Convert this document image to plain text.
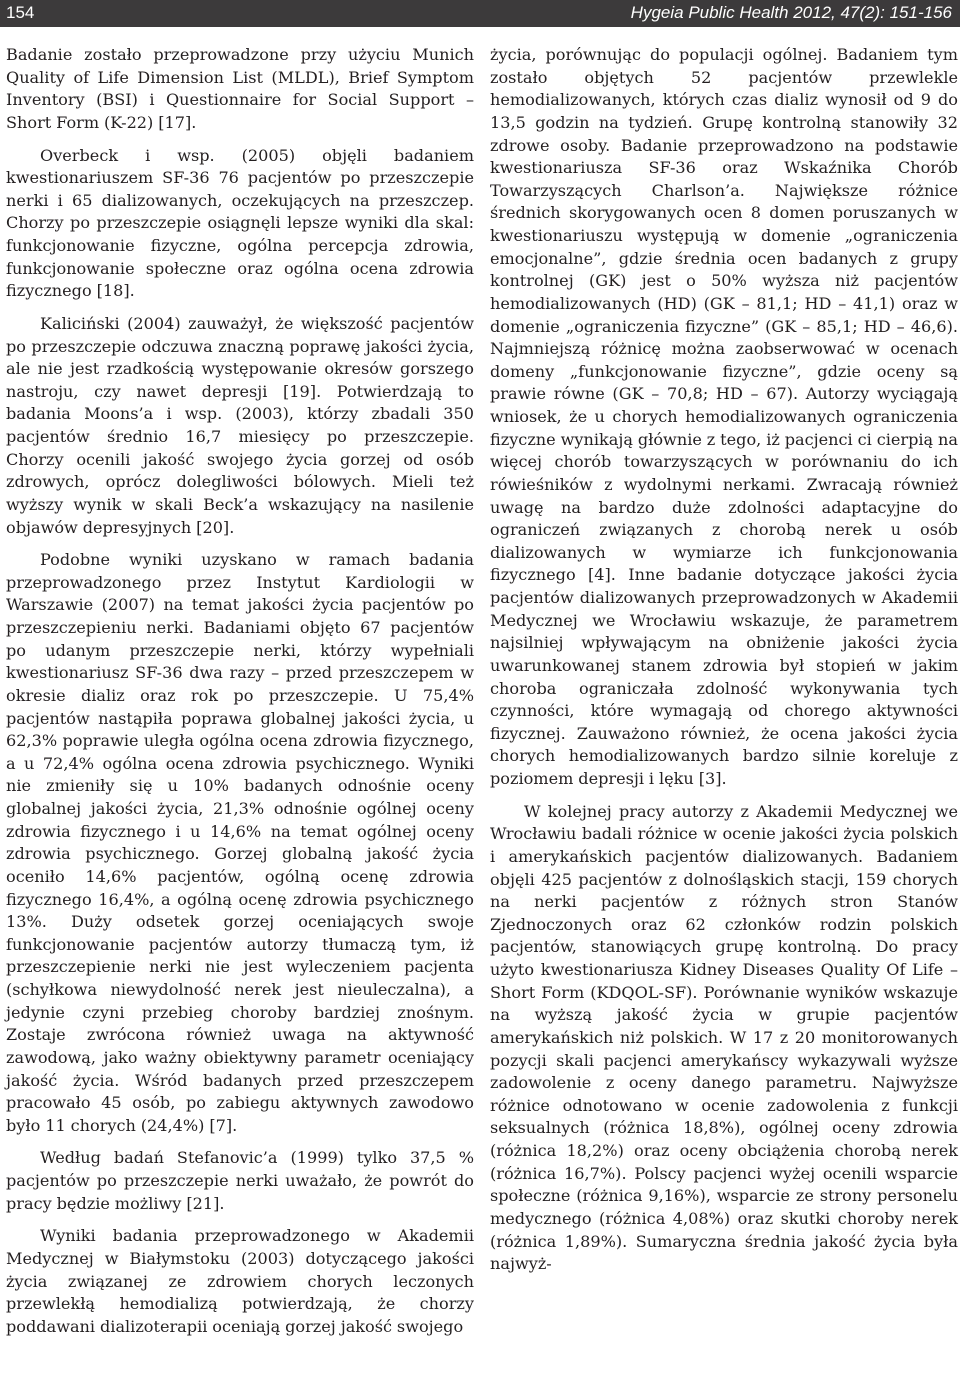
154	Hygeia Public Health 2012, 47(2): 151-156

Badanie zostało przeprowadzone przy użyciu Munich Quality of Life Dimension List (MLDL), Brief Symptom Inventory (BSI) i Questionnaire for Social Support – Short Form (K-22) [17].

Overbeck i wsp. (2005) objęli badaniem kwestionariuszem SF-36 76 pacjentów po przeszczepie nerki i 65 dializowanych, oczekujących na przeszczep. Chorzy po przeszczepie osiągnęli lepsze wyniki dla skal: funkcjonowanie fizyczne, ogólna percepcja zdrowia, funkcjonowanie społeczne oraz ogólna ocena zdrowia fizycznego [18].

Kaliciński (2004) zauważył, że większość pacjentów po przeszczepie odczuwa znaczną poprawę jakości życia, ale nie jest rzadkością występowanie okresów gorszego nastroju, czy nawet depresji [19]. Potwierdzają to badania Moons’a i wsp. (2003), którzy zbadali 350 pacjentów średnio 16,7 miesięcy po przeszczepie. Chorzy ocenili jakość swojego życia gorzej od osób zdrowych, oprócz dolegliwości bólowych. Mieli też wyższy wynik w skali Beck’a wskazujący na nasilenie objawów depresyjnych [20].

Podobne wyniki uzyskano w ramach badania przeprowadzonego przez Instytut Kardiologii w Warszawie (2007) na temat jakości życia pacjentów po przeszczepieniu nerki. Badaniami objęto 67 pacjentów po udanym przeszczepie nerki, którzy wypełniali kwestionariusz SF-36 dwa razy – przed przeszczepem w okresie dializ oraz rok po przeszczepie. U 75,4% pacjentów nastąpiła poprawa globalnej jakości życia, u 62,3% poprawie uległa ogólna ocena zdrowia fizycznego, a u 72,4% ogólna ocena zdrowia psychicznego. Wyniki nie zmieniły się u 10% badanych odnośnie oceny globalnej jakości życia, 21,3% odnośnie ogólnej oceny zdrowia fizycznego i u 14,6% na temat ogólnej oceny zdrowia psychicznego. Gorzej globalną jakość życia oceniło 14,6% pacjentów, ogólną ocenę zdrowia fizycznego 16,4%, a ogólną ocenę zdrowia psychicznego 13%. Duży odsetek gorzej oceniających swoje funkcjonowanie pacjentów autorzy tłumaczą tym, iż przeszczepienie nerki nie jest wyleczeniem pacjenta (schyłkowa niewydolność nerek jest nieuleczalna), a jedynie czyni przebieg choroby bardziej znośnym. Zostaje zwrócona również uwaga na aktywność zawodową, jako ważny obiektywny parametr oceniający jakość życia. Wśród badanych przed przeszczepem pracowało 45 osób, po zabiegu aktywnych zawodowo było 11 chorych (24,4%) [7].

Według badań Stefanovic’a (1999) tylko 37,5 % pacjentów po przeszczepie nerki uważało, że powrót do pracy będzie możliwy [21].

Wyniki badania przeprowadzonego w Akademii Medycznej w Białymstoku (2003) dotyczącego jakości życia związanej ze zdrowiem chorych leczonych przewlekłą hemodializą potwierdzają, że chorzy poddawani dializoterapii oceniają gorzej jakość swojego

życia, porównując do populacji ogólnej. Badaniem tym zostało objętych 52 pacjentów przewlekle hemodializowanych, których czas dializ wynosił od 9 do 13,5 godzin na tydzień. Grupę kontrolną stanowiły 32 zdrowe osoby. Badanie przeprowadzono na podstawie kwestionariusza SF-36 oraz Wskaźnika Chorób Towarzyszących Charlson’a. Największe różnice średnich skorygowanych ocen 8 domen poruszanych w kwestionariuszu występują w domenie „ograniczenia emocjonalne”, gdzie średnia ocen badanych z grupy kontrolnej (GK) jest o 50% wyższa niż pacjentów hemodializowanych (HD) (GK – 81,1; HD – 41,1) oraz w domenie „ograniczenia fizyczne” (GK – 85,1; HD – 46,6). Najmniejszą różnicę można zaobserwować w ocenach domeny „funkcjonowanie fizyczne”, gdzie oceny są prawie równe (GK – 70,8; HD – 67). Autorzy wyciągają wniosek, że u chorych hemodializowanych ograniczenia fizyczne wynikają głównie z tego, iż pacjenci ci cierpią na więcej chorób towarzyszących w porównaniu do ich rówieśników z wydolnymi nerkami. Zwracają również uwagę na bardzo duże zdolności adaptacyjne do ograniczeń związanych z chorobą nerek u osób dializowanych w wymiarze ich funkcjonowania fizycznego [4]. Inne badanie dotyczące jakości życia pacjentów dializowanych przeprowadzonych w Akademii Medycznej we Wrocławiu wskazuje, że parametrem najsilniej wpływającym na obniżenie jakości życia uwarunkowanej stanem zdrowia był stopień w jakim choroba ograniczała zdolność wykonywania tych czynności, które wymagają od chorego aktywności fizycznej. Zauważono również, że ocena jakości życia chorych hemodializowanych bardzo silnie koreluje z poziomem depresji i lęku [3].

W kolejnej pracy autorzy z Akademii Medycznej we Wrocławiu badali różnice w ocenie jakości życia polskich i amerykańskich pacjentów dializowanych. Badaniem objęli 425 pacjentów z dolnośląskich stacji, 159 chorych na nerki pacjentów z różnych stron Stanów Zjednoczonych oraz 62 członków rodzin polskich pacjentów, stanowiących grupę kontrolną. Do pracy użyto kwestionariusza Kidney Diseases Quality Of Life – Short Form (KDQOL-SF). Porównanie wyników wskazuje na wyższą jakość życia w grupie pacjentów amerykańskich niż polskich. W 17 z 20 monitorowanych pozycji skali pacjenci amerykańscy wykazywali wyższe zadowolenie z oceny danego parametru. Najwyższe różnice odnotowano w ocenie zadowolenia z funkcji seksualnych (różnica 18,8%), ogólnej oceny zdrowia (różnica 18,2%) oraz oceny obciążenia chorobą nerek (różnica 16,7%). Polscy pacjenci wyżej ocenili wsparcie społeczne (różnica 9,16%), wsparcie ze strony personelu medycznego (różnica 4,08%) oraz skutki choroby nerek (różnica 1,89%). Sumaryczna średnia jakość życia była najwyż-
